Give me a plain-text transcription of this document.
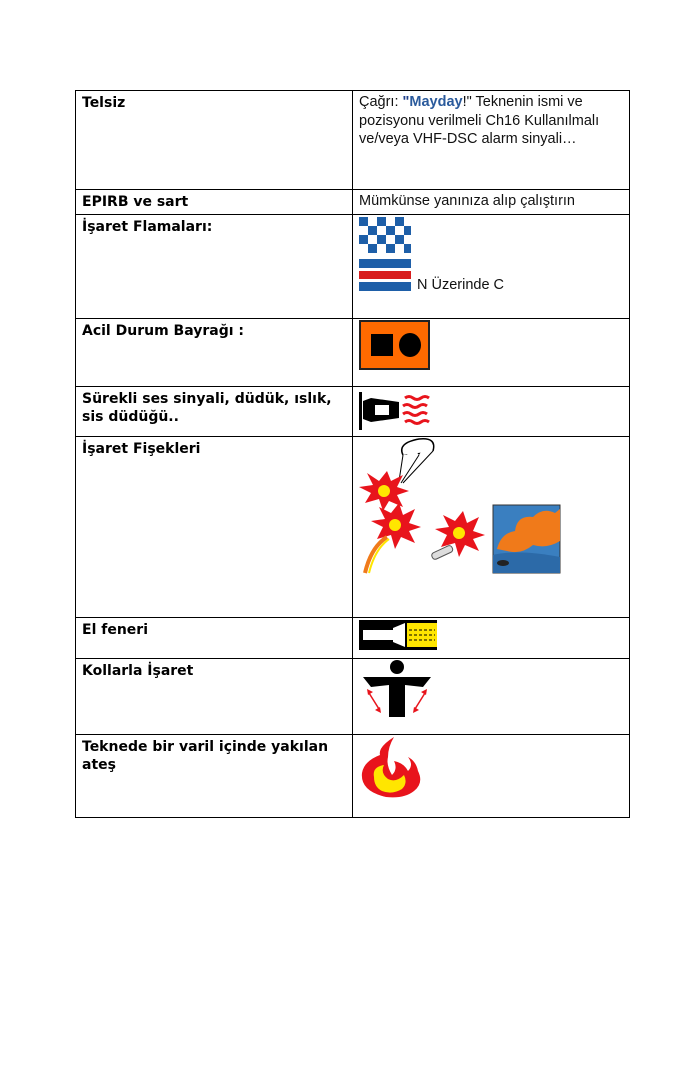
Telsiz	Çağrı: "Mayday!" Teknenin ismi ve pozisyonu verilmeli Ch16 Kullanılmalı ve/veya VHF-DSC alarm sinyali…

EPIRB ve sart	Mümkünse yanınıza alıp çalıştırın

İşaret Flamaları:	N Üzerinde C

Acil Durum Bayrağı :

Sürekli ses sinyali, düdük, ıslık, sis düdüğü..

İşaret Fişekleri

El feneri

Kollarla İşaret

Teknede bir varil içinde yakılan ateş
